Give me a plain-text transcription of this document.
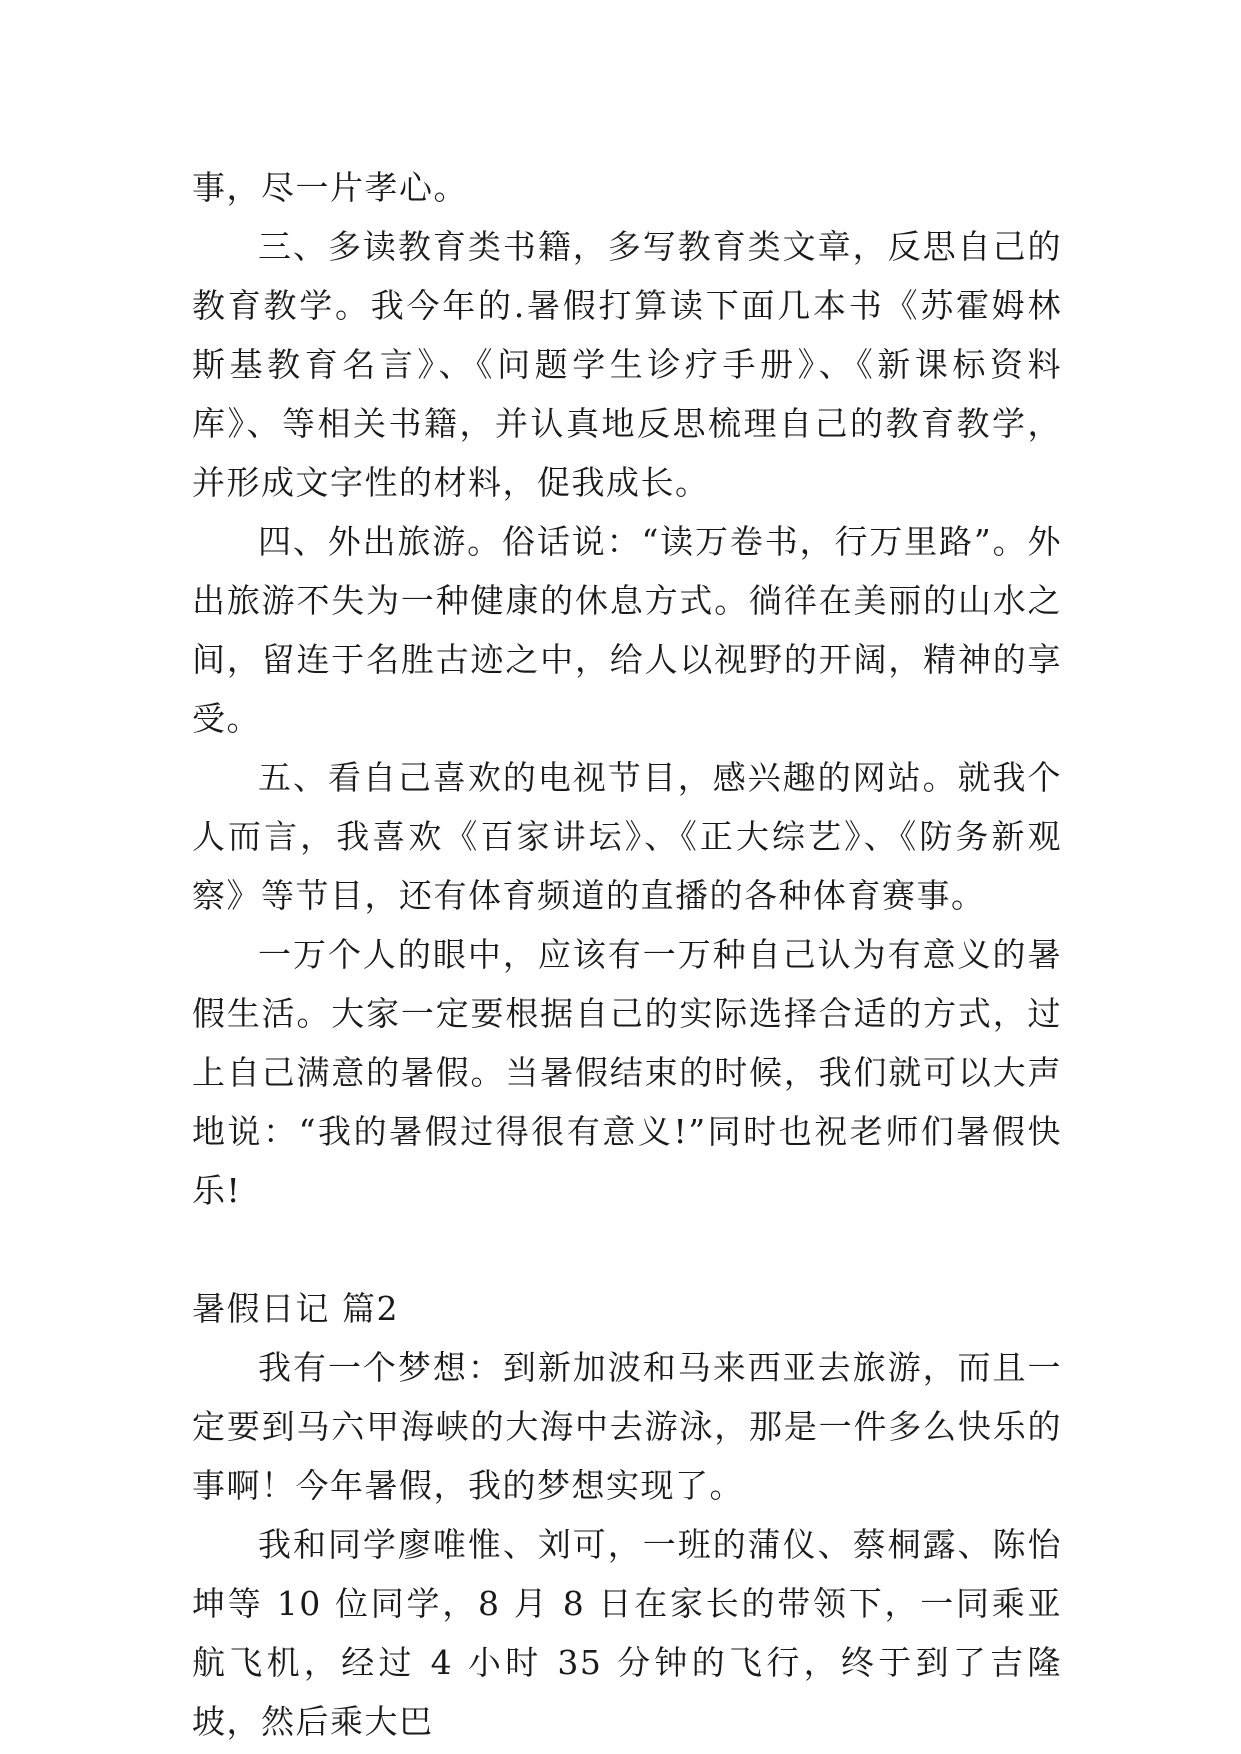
事，尽一片孝心。

三、多读教育类书籍，多写教育类文章，反思自己的教育教学。我今年的.暑假打算读下面几本书《苏霍姆林斯基教育名言》、《问题学生诊疗手册》、《新课标资料库》、等相关书籍，并认真地反思梳理自己的教育教学，并形成文字性的材料，促我成长。

四、外出旅游。俗话说：“读万卷书，行万里路”。外出旅游不失为一种健康的休息方式。徜徉在美丽的山水之间，留连于名胜古迹之中，给人以视野的开阔，精神的享受。

五、看自己喜欢的电视节目，感兴趣的网站。就我个人而言，我喜欢《百家讲坛》、《正大综艺》、《防务新观察》等节目，还有体育频道的直播的各种体育赛事。

一万个人的眼中，应该有一万种自己认为有意义的暑假生活。大家一定要根据自己的实际选择合适的方式，过上自己满意的暑假。当暑假结束的时候，我们就可以大声地说：“我的暑假过得很有意义!”同时也祝老师们暑假快乐!

暑假日记 篇2

我有一个梦想：到新加波和马来西亚去旅游，而且一定要到马六甲海峡的大海中去游泳，那是一件多么快乐的事啊！今年暑假，我的梦想实现了。

我和同学廖唯惟、刘可，一班的蒲仪、蔡桐露、陈怡坤等 10 位同学，8 月 8 日在家长的带领下，一同乘亚航飞机，经过 4 小时 35 分钟的飞行，终于到了吉隆坡，然后乘大巴
